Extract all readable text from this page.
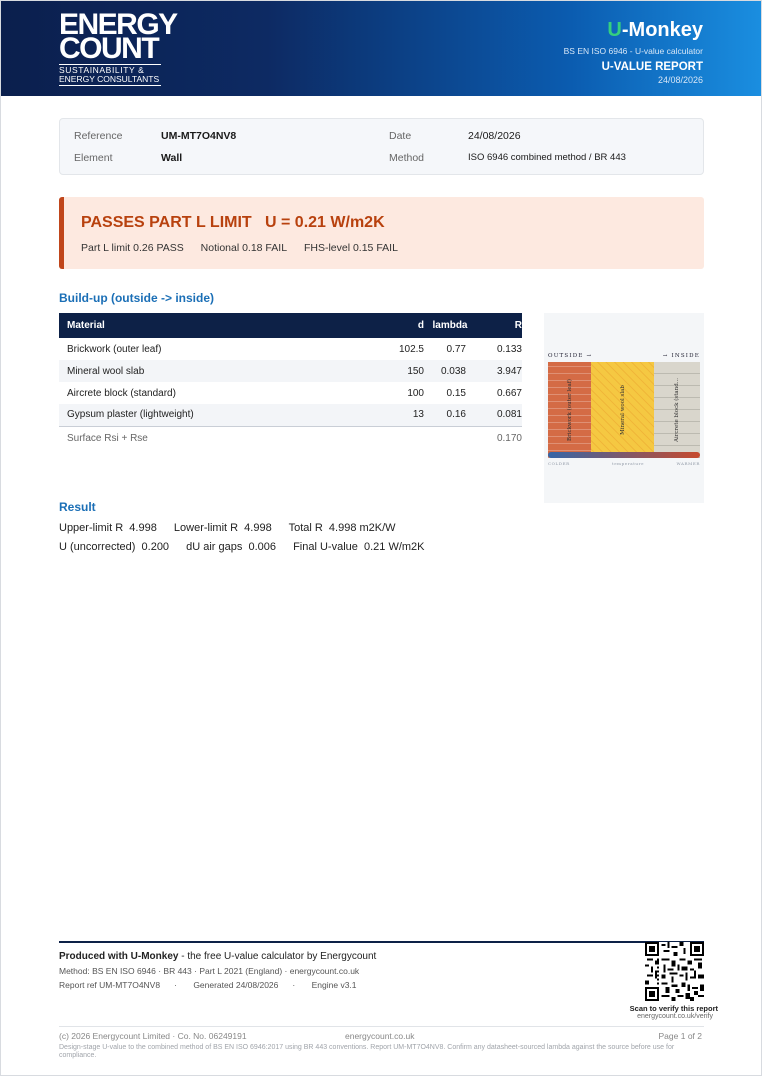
ENERGY
COUNT
SUSTAINABILITY &
ENERGY CONSULTANTS
U-Monkey
BS EN ISO 6946 - U-value calculator
U-VALUE REPORT
24/08/2026
Reference	UM-MT7O4NV8
Element	Wall
Date	24/08/2026
Method	ISO 6946 combined method / BR 443
PASSES PART L LIMIT   U = 0.21 W/m2K
Part L limit 0.26 PASS Notional 0.18 FAIL FHS-level 0.15 FAIL
Build-up (outside -> inside)
Material	d	lambda	R
Brickwork (outer leaf)	102.5	0.77	0.133
Mineral wool slab	150	0.038	3.947
Aircrete block (standard)	100	0.15	0.667
Gypsum plaster (lightweight)	13	0.16	0.081
Surface Rsi + Rse			0.170
OUTSIDE →	→ INSIDE
Brickwork (outer leaf)	Mineral wool slab	Aircrete block (stand...
COLDER	temperature	WARMER
Result
Upper-limit R  4.998 Lower-limit R  4.998 Total R  4.998 m2K/W
U (uncorrected)  0.200 dU air gaps  0.006 Final U-value  0.21 W/m2K
Produced with U-Monkey - the free U-value calculator by Energycount
Method: BS EN ISO 6946 · BR 443 · Part L 2021 (England) · energycount.co.uk
Report ref UM-MT7O4NV8 · Generated 24/08/2026 · Engine v3.1
Scan to verify this report
energycount.co.uk/verify
(c) 2026 Energycount Limited · Co. No. 06249191	energycount.co.uk	Page 1 of 2
Design-stage U-value to the combined method of BS EN ISO 6946:2017 using BR 443 conventions. Report UM-MT7O4NV8. Confirm any datasheet-sourced lambda against the source before use for compliance.
